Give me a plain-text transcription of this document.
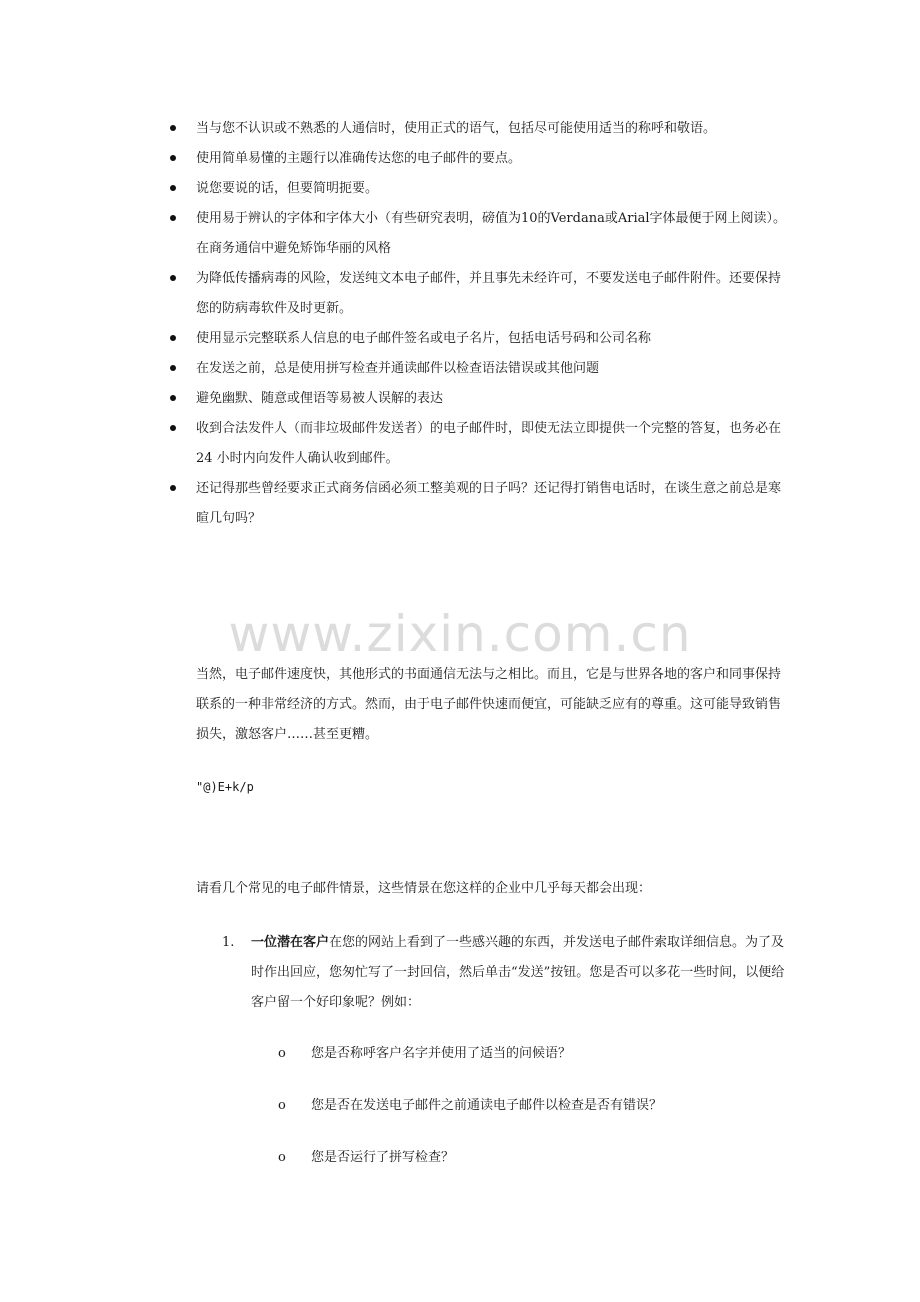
当与您不认识或不熟悉的人通信时，使用正式的语气，包括尽可能使用适当的称呼和敬语。
使用简单易懂的主题行以准确传达您的电子邮件的要点。
说您要说的话，但要简明扼要。
使用易于辨认的字体和字体大小（有些研究表明，磅值为10的Verdana或Arial字体最便于网上阅读）。在商务通信中避免矫饰华丽的风格
为降低传播病毒的风险，发送纯文本电子邮件，并且事先未经许可，不要发送电子邮件附件。还要保持您的防病毒软件及时更新。
使用显示完整联系人信息的电子邮件签名或电子名片，包括电话号码和公司名称
在发送之前，总是使用拼写检查并通读邮件以检查语法错误或其他问题
避免幽默、随意或俚语等易被人误解的表达
收到合法发件人（而非垃圾邮件发送者）的电子邮件时，即使无法立即提供一个完整的答复，也务必在 24 小时内向发件人确认收到邮件。
还记得那些曾经要求正式商务信函必须工整美观的日子吗？还记得打销售电话时，在谈生意之前总是寒暄几句吗？
www.zixin.com.cn

当然，电子邮件速度快，其他形式的书面通信无法与之相比。而且，它是与世界各地的客户和同事保持联系的一种非常经济的方式。然而，由于电子邮件快速而便宜，可能缺乏应有的尊重。这可能导致销售损失，激怒客户……甚至更糟。

"@)E+k/p

请看几个常见的电子邮件情景，这些情景在您这样的企业中几乎每天都会出现：

1. 一位潜在客户在您的网站上看到了一些感兴趣的东西，并发送电子邮件索取详细信息。为了及时作出回应，您匆忙写了一封回信，然后单击“发送”按钮。您是否可以多花一些时间，以便给客户留一个好印象呢？例如：
o 您是否称呼客户名字并使用了适当的问候语？
o 您是否在发送电子邮件之前通读电子邮件以检查是否有错误？
o 您是否运行了拼写检查？
